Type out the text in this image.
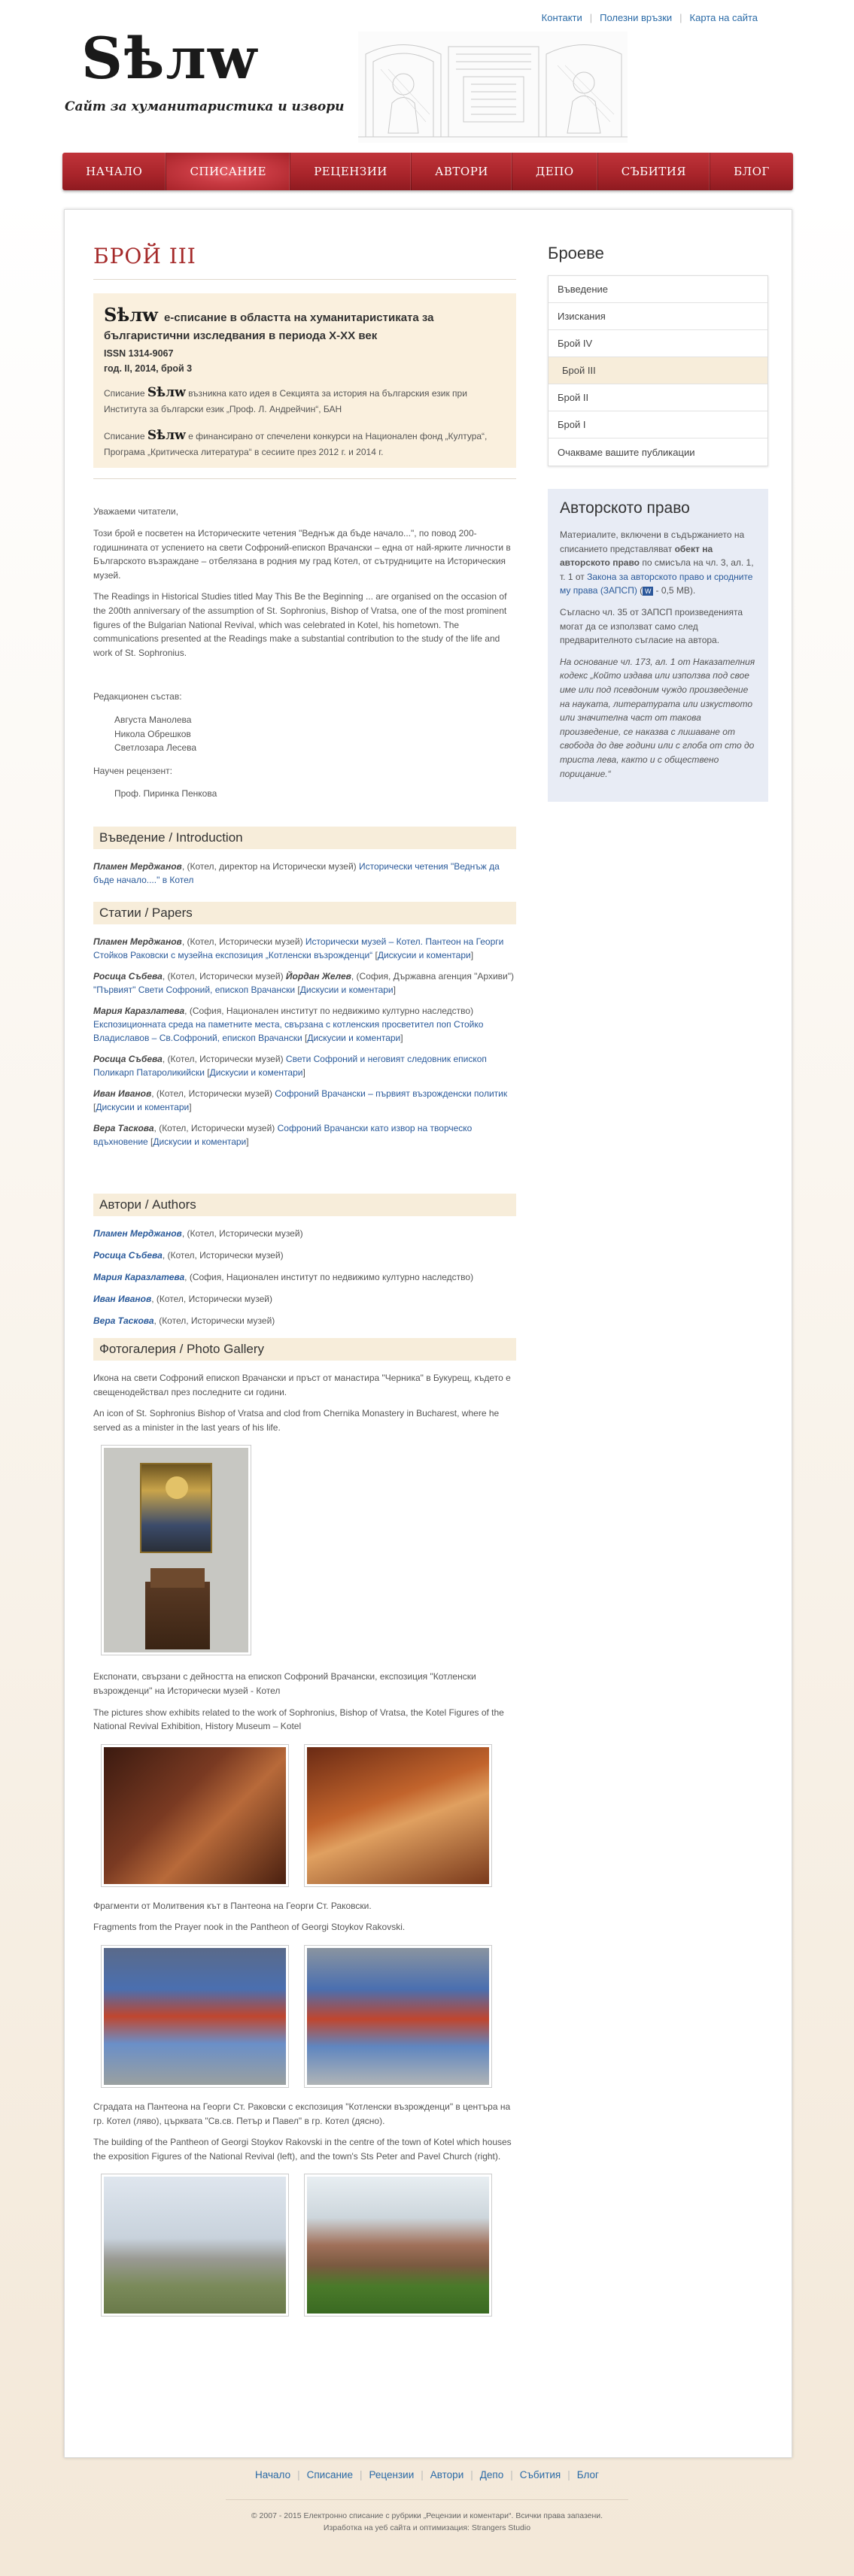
Контакти | Полезни връзки | Карта на сайта
Sѣлw
Сайт за хуманитаристика и извори
НАЧАЛО	СПИСАНИЕ	РЕЦЕНЗИИ	АВТОРИ	ДЕПО	СЪБИТИЯ	БЛОГ
БРОЙ III
Sѣлw е-списание в областта на хуманитаристиката за българистични изследвания в периода X-XX век
ISSN 1314-9067
год. II, 2014, брой 3

Списание Sѣлw възникна като идея в Секцията за история на българския език при Института за български език „Проф. Л. Андрейчин“, БАН

Списание Sѣлw е финансирано от спечелени конкурси на Национален фонд „Култура“, Програма „Критическа литература“ в сесиите през 2012 г. и 2014 г.

Уважаеми читатели,

Този брой е посветен на Историческите четения "Веднъж да бъде начало...", по повод 200-годишнината от успението на свети Софроний-епископ Врачански – една от най-ярките личности в Българското възраждане – отбелязана в родния му град Котел, от сътрудниците на Историческия музей.

The Readings in Historical Studies titled May This Be the Beginning ... are organised on the occasion of the 200th anniversary of the assumption of St. Sophronius, Bishop of Vratsa, one of the most prominent figures of the Bulgarian National Revival, which was celebrated in Kotel, his hometown. The communications presented at the Readings make a substantial contribution to the study of the life and work of St. Sophronius.

Редакционен състав:
Августа Манолева
Никола Обрешков
Светлозара Лесева
Научен рецензент:
Проф. Пиринка Пенкова
Въведение / Introduction
Пламен Мерджанов, (Котел, директор на Исторически музей) Исторически четения "Веднъж да бъде начало...." в Котел
Статии / Papers
Пламен Мерджанов, (Котел, Исторически музей) Исторически музей – Котел. Пантеон на Георги Стойков Раковски с музейна експозиция „Котленски възрожденци“ [Дискусии и коментари]
Росица Събева, (Котел, Исторически музей) Йордан Желев, (София, Държавна агенция "Архиви") "Първият" Свети Софроний, епископ Врачански [Дискусии и коментари]
Мария Каразлатева, (София, Национален институт по недвижимо културно наследство) Експозиционната среда на паметните места, свързана с котленския просветител поп Стойко Владиславов – Св.Софроний, епископ Врачански [Дискусии и коментари]
Росица Събева, (Котел, Исторически музей) Свети Софроний и неговият следовник епископ Поликарп Патароликийски [Дискусии и коментари]
Иван Иванов, (Котел, Исторически музей) Софроний Врачански – първият възрожденски политик [Дискусии и коментари]
Вера Таскова, (Котел, Исторически музей) Софроний Врачански като извор на творческо вдъхновение [Дискусии и коментари]
Автори / Authors
Пламен Мерджанов, (Котел, Исторически музей)
Росица Събева, (Котел, Исторически музей)
Мария Каразлатева, (София, Национален институт по недвижимо културно наследство)
Иван Иванов, (Котел, Исторически музей)
Вера Таскова, (Котел, Исторически музей)
Фотогалерия / Photo Gallery

Икона на свети Софроний епископ Врачански и пръст от манастира "Черника" в Букурещ, където е свещенодействал през последните си години.

An icon of St. Sophronius Bishop of Vratsa and clod from Chernika Monastery in Bucharest, where he served as a minister in the last years of his life.

Експонати, свързани с дейността на епископ Софроний Врачански, експозиция "Котленски възрожденци" на Исторически музей - Котел

The pictures show exhibits related to the work of Sophronius, Bishop of Vratsa, the Kotel Figures of the National Revival Exhibition, History Museum – Kotel

Фрагменти от Молитвения кът в Пантеона на Георги Ст. Раковски.

Fragments from the Prayer nook in the Pantheon of Georgi Stoykov Rakovski.

Сградата на Пантеона на Георги Ст. Раковски с експозиция "Котленски възрожденци" в центъра на гр. Котел (ляво), църквата "Св.св. Петър и Павел" в гр. Котел (дясно).

The building of the Pantheon of Georgi Stoykov Rakovski in the centre of the town of Kotel which houses the exposition Figures of the National Revival (left), and the town's Sts Peter and Pavel Church (right).

Броеве
Въведение
Изискания
Брой IV
Брой III
Брой II
Брой I
Очакваме вашите публикации
Авторското право

Материалите, включени в съдържанието на списанието представляват обект на авторското право по смисъла на чл. 3, ал. 1, т. 1 от Закона за авторското право и сродните му права (ЗАПСП) ( W - 0,5 MB).

Съгласно чл. 35 от ЗАПСП произведенията могат да се използват само след предварителното съгласие на автора.

На основание чл. 173, ал. 1 от Наказателния кодекс „Който издава или използва под свое име или под псевдоним чуждо произведение на науката, литературата или изкуството или значителна част от такова произведение, се наказва с лишаване от свобода до две години или с глоба от сто до триста лева, както и с обществено порицание.“

Начало | Списание | Рецензии | Автори | Депо | Събития | Блог
© 2007 - 2015 Електронно списание с рубрики „Рецензии и коментари“. Всички права запазени.
Изработка на уеб сайта и оптимизация: Strangers Studio
